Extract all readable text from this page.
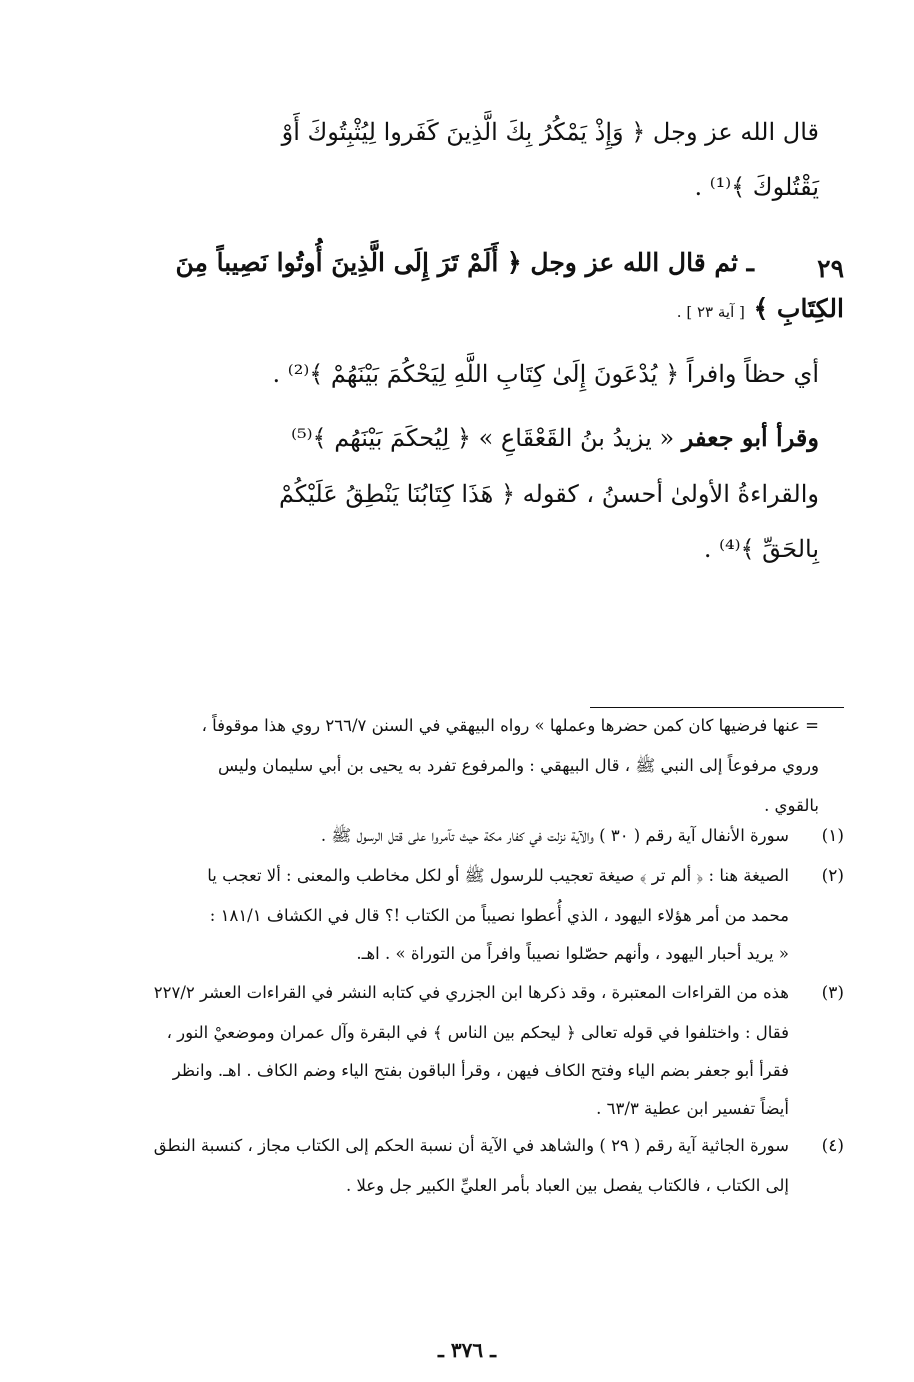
قال الله عز وجل ﴿ وَإِذْ يَمْكُرُ بِكَ الَّذِينَ كَفَروا لِيُثْبِتُوكَ أَوْ
يَقْتُلوكَ ﴾⁽¹⁾ .
٢٩
ـ ثم قال الله عز وجل ﴿ أَلَمْ تَرَ إِلَى الَّذِينَ أُوتُوا نَصِيباً مِنَ
الكِتَابِ ﴾ [ آية ٢٣ ] .
أي حظاً وافراً ﴿ يُدْعَونَ إِلَىٰ كِتَابِ اللَّهِ لِيَحْكُمَ بَيْنَهُمْ ﴾⁽²⁾ .
وقرأ أبو جعفر « يزيدُ بنُ القَعْقَاعِ » ﴿ لِيُحكَمَ بَيْنَهُم ﴾⁽⁵⁾
والقراءةُ الأولىٰ أحسنُ ، كقوله ﴿ هَذَا كِتَابُنَا يَنْطِقُ عَلَيْكُمْ
بِالحَقِّ ﴾⁽⁴⁾ .
= عنها فرضيها كان كمن حضرها وعملها » رواه البيهقي في السنن ٢٦٦/٧ روي هذا موقوفاً ،
وروي مرفوعاً إلى النبي ﷺ ، قال البيهقي : والمرفوع تفرد به يحيى بن أبي سليمان وليس
بالقوي .
(١)
سورة الأنفال آية رقم ( ٣٠ ) والآية نزلت في كفار مكة حيث تآمروا على قتل الرسول ﷺ .
(٢)
الصيغة هنا : ﴿ ألم تر ﴾ صيغة تعجيب للرسول ﷺ أو لكل مخاطب والمعنى : ألا تعجب يا
محمد من أمر هؤلاء اليهود ، الذي أُعطوا نصيباً من الكتاب !؟ قال في الكشاف ١٨١/١ :
« يريد أحبار اليهود ، وأنهم حصّلوا نصيباً وافراً من التوراة » . اهـ.
(٣)
هذه من القراءات المعتبرة ، وقد ذكرها ابن الجزري في كتابه النشر في القراءات العشر ٢٢٧/٢
فقال : واختلفوا في قوله تعالى ﴿ ليحكم بين الناس ﴾ في البقرة وآل عمران وموضعيْ النور ،
فقرأ أبو جعفر بضم الياء وفتح الكاف فيهن ، وقرأ الباقون بفتح الياء وضم الكاف . اهـ. وانظر
أيضاً تفسير ابن عطية ٦٣/٣ .
(٤)
سورة الجاثية آية رقم ( ٢٩ ) والشاهد في الآية أن نسبة الحكم إلى الكتاب مجاز ، كنسبة النطق
إلى الكتاب ، فالكتاب يفصل بين العباد بأمر العليِّ الكبير جل وعلا .
ـ ٣٧٦ ـ
